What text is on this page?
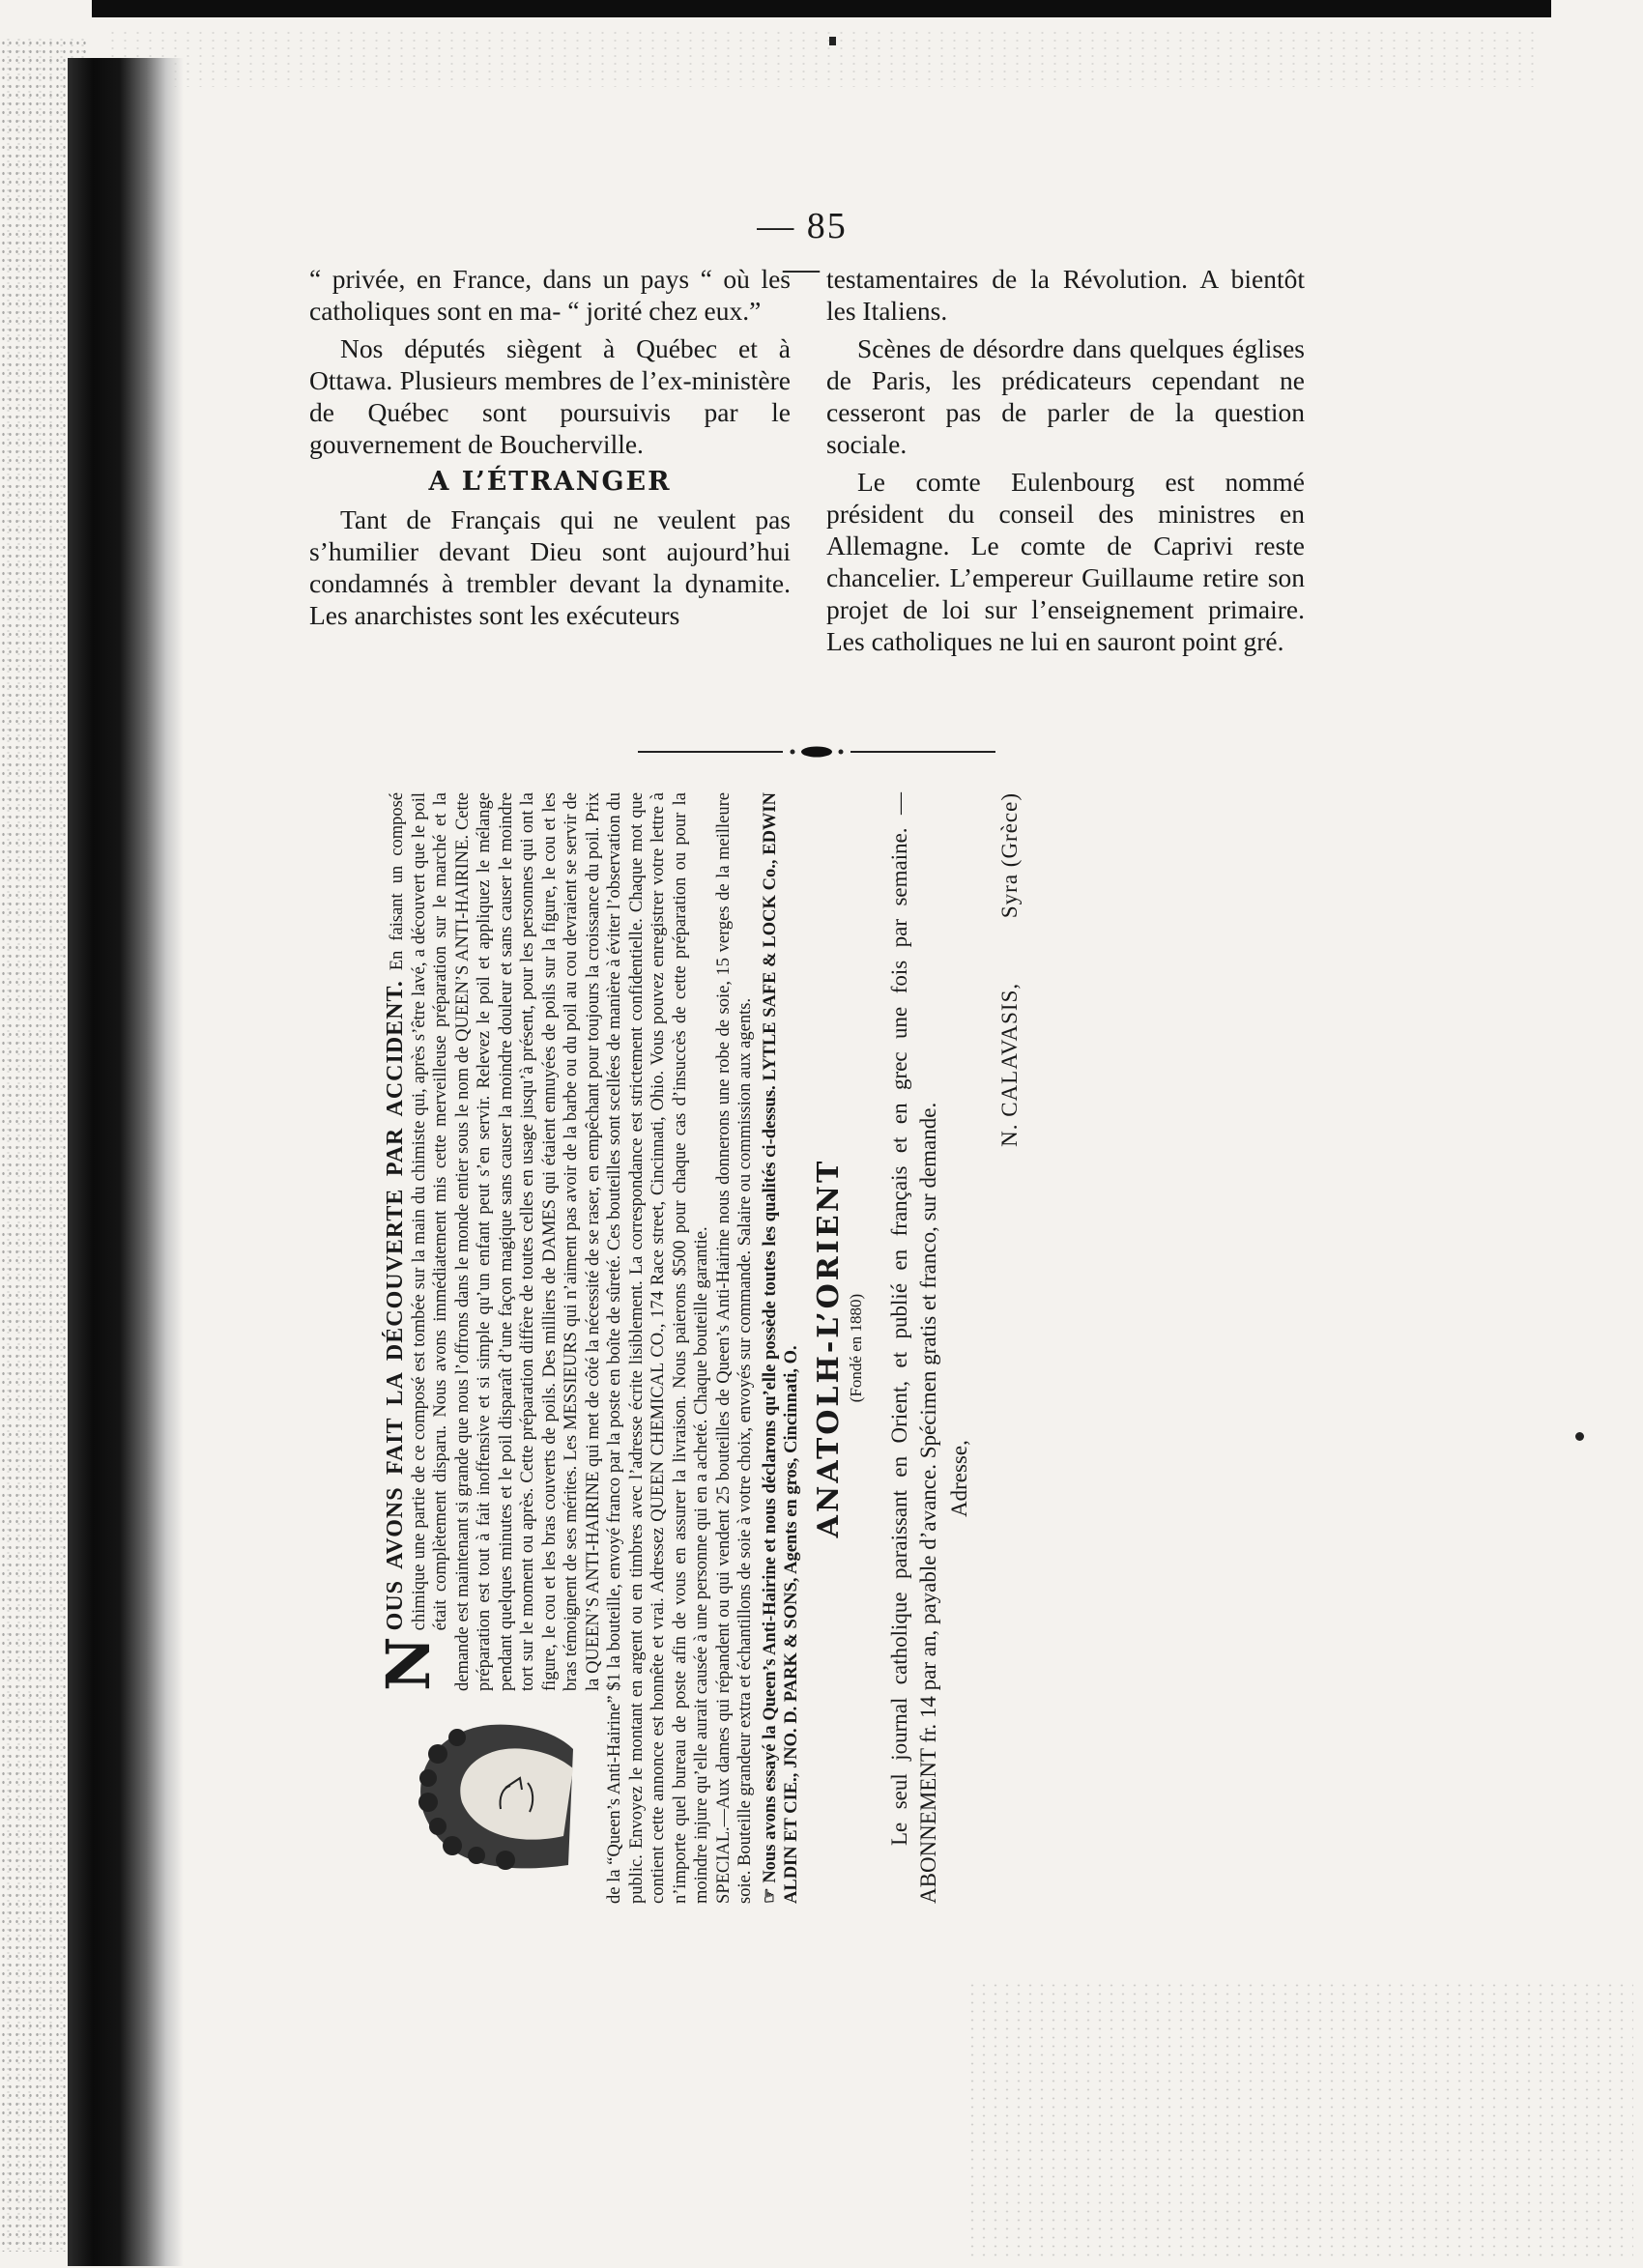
— 85 —

“ privée, en France, dans un pays “ où les catholiques sont en ma- “ jorité chez eux.”

Nos députés siègent à Québec et à Ottawa. Plusieurs membres de l’ex-ministère de Québec sont poursuivis par le gouvernement de Boucherville.

A L’ÉTRANGER

Tant de Français qui ne veulent pas s’humilier devant Dieu sont aujourd’hui condamnés à trembler devant la dynamite. Les anarchistes sont les exécuteurs

testamentaires de la Révolution. A bientôt les Italiens.

Scènes de désordre dans quelques églises de Paris, les prédicateurs cependant ne cesseront pas de parler de la question sociale.

Le comte Eulenbourg est nommé président du conseil des ministres en Allemagne. Le comte de Caprivi reste chancelier. L’empereur Guillaume retire son projet de loi sur l’enseignement primaire. Les catholiques ne lui en sauront point gré.

N
OUS AVONS FAIT LA DÉCOUVERTE PAR ACCIDENT. En faisant un composé chimique une partie de ce composé est tombée sur la main du chimiste qui, après s’être lavé, a découvert que le poil était complètement disparu. Nous avons immédiatement mis cette merveilleuse préparation sur le marché et la demande est maintenant si grande que nous l’offrons dans le monde entier sous le nom de QUEEN’S ANTI-HAIRINE. Cette préparation est tout à fait inoffensive et si simple qu’un enfant peut s’en servir. Relevez le poil et appliquez le mélange pendant quelques minutes et le poil disparaît d’une façon magique sans causer la moindre douleur et sans causer le moindre tort sur le moment ou après. Cette préparation diffère de toutes celles en usage jusqu’à présent, pour les personnes qui ont la figure, le cou et les bras couverts de poils. Des milliers de DAMES qui étaient ennuyées de poils sur la figure, le cou et les bras témoignent de ses mérites. Les MESSIEURS qui n’aiment pas avoir de la barbe ou du poil au cou devraient se servir de la QUEEN’S ANTI-HAIRINE qui met de côté la nécessité de se raser, en empêchant pour toujours la croissance du poil. Prix de la “Queen’s Anti-Hairine” $1 la bouteille, envoyé franco par la poste en boîte de sûreté. Ces bouteilles sont scellées de manière à éviter l’observation du public. Envoyez le montant en argent ou en timbres avec l’adresse écrite lisiblement. La correspondance est strictement confidentielle. Chaque mot que contient cette annonce est honnête et vrai. Adressez QUEEN CHEMICAL CO., 174 Race street, Cincinnati, Ohio. Vous pouvez enregistrer votre lettre à n’importe quel bureau de poste afin de vous en assurer la livraison. Nous paierons $500 pour chaque cas d’insuccès de cette préparation ou pour la moindre injure qu’elle aurait causée à une personne qui en a acheté. Chaque bouteille garantie. SPECIAL.—Aux dames qui répandent ou qui vendent 25 bouteilles de Queen’s Anti-Hairine nous donnerons une robe de soie, 15 verges de la meilleure soie. Bouteille grandeur extra et échantillons de soie à votre choix, envoyés sur commande. Salaire ou commission aux agents. ☞ Nous avons essayé la Queen’s Anti-Hairine et nous déclarons qu’elle possède toutes les qualités ci-dessus. LYTLE SAFE & LOCK Co., EDWIN ALDIN ET CIE., JNO. D. PARK & SONS, Agents en gros, Cincinnati, O. ANATOLH-L’ORIENT (Fondé en 1880) Le seul journal catholique paraissant en Orient, et publié en français et en grec une fois par semaine. — ABONNEMENT fr. 14 par an, payable d’avance. Spécimen gratis et franco, sur demande. Adresse,
N. CALAVASIS, Syra (Grèce)
